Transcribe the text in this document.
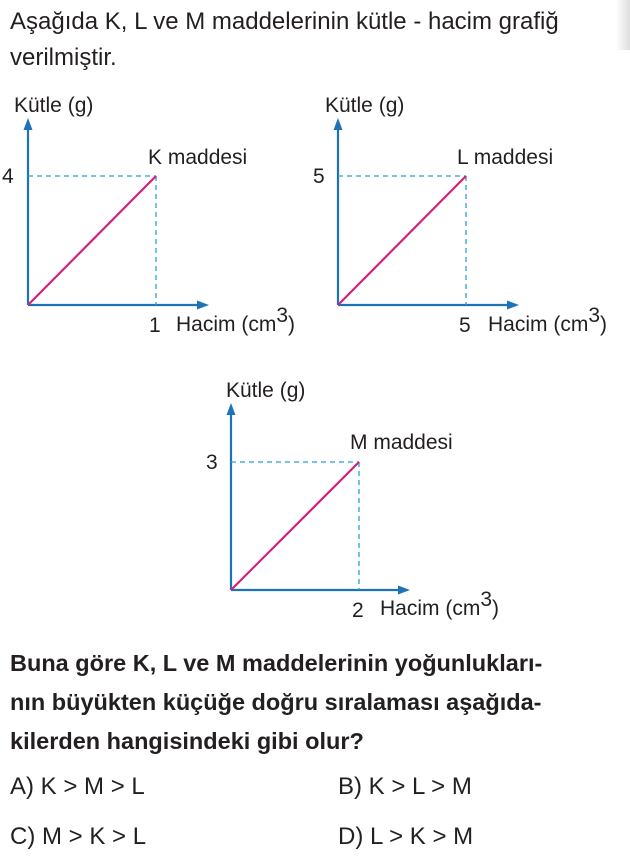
Aşağıda K, L ve M maddelerinin kütle - hacim grafiğ
verilmiştir.
Kütle (g)
4
1 Hacim (cm3)
K maddesi
Kütle (g)
5
5 Hacim (cm3)
L maddesi
Kütle (g)
3
2 Hacim (cm3)
M maddesi
Buna göre K, L ve M maddelerinin yoğunlukları-
nın büyükten küçüğe doğru sıralaması aşağıda-
kilerden hangisindeki gibi olur?
A) K > M > L	B) K > L > M
C) M > K > L	D) L > K > M
